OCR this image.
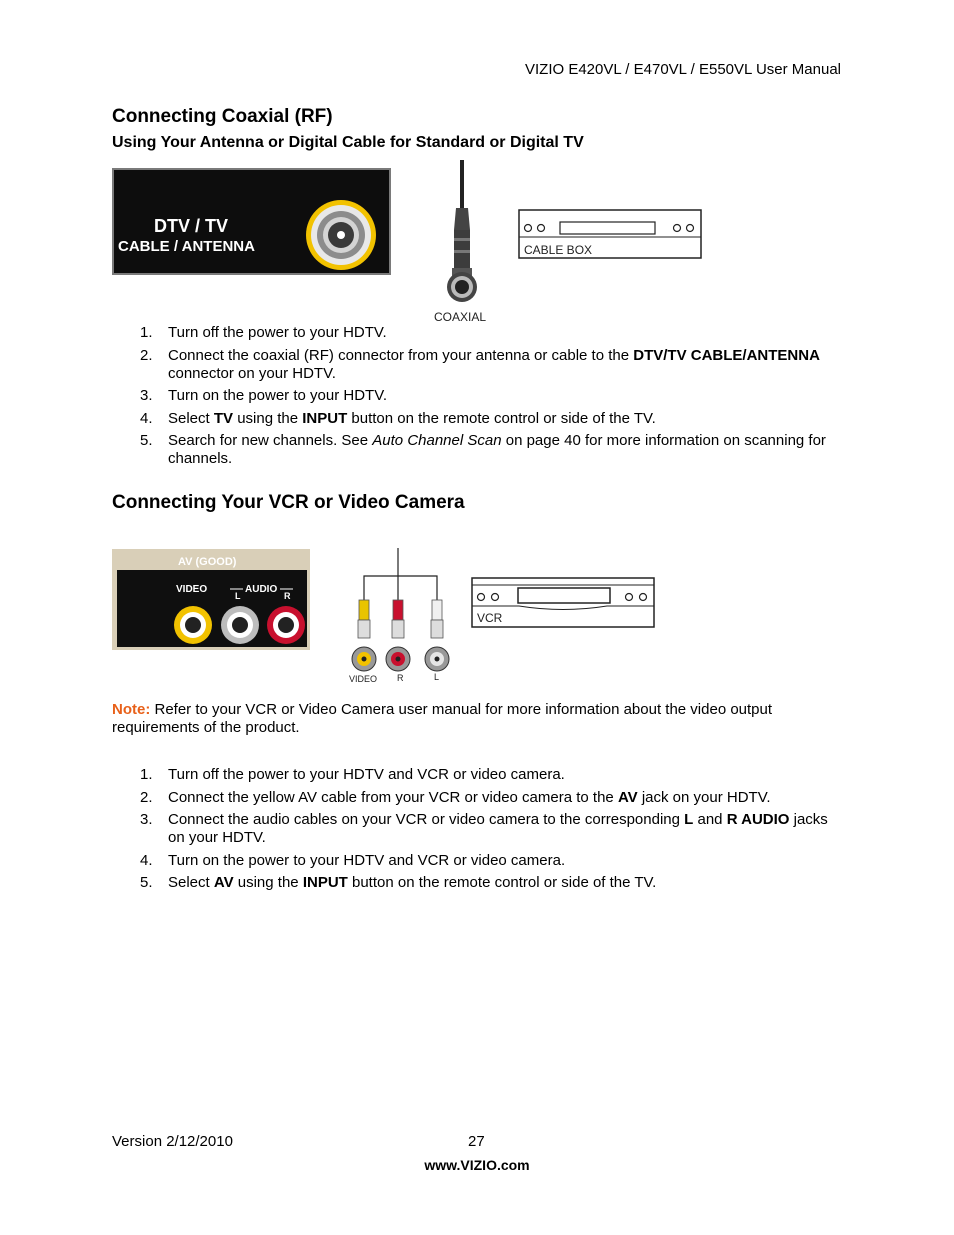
VIZIO E420VL / E470VL / E550VL User Manual
Connecting Coaxial (RF)
Using Your Antenna or Digital Cable for Standard or Digital TV
DTV / TV
CABLE / ANTENNA
COAXIAL
CABLE BOX
1. Turn off the power to your HDTV.
2. Connect the coaxial (RF) connector from your antenna or cable to the DTV/TV CABLE/ANTENNA connector on your HDTV.
3. Turn on the power to your HDTV.
4. Select TV using the INPUT button on the remote control or side of the TV.
5. Search for new channels. See Auto Channel Scan on page 40 for more information on scanning for channels.
Connecting Your VCR or Video Camera
AV (GOOD)
VIDEO	AUDIO
L	R
VIDEO R	L
VCR
Note: Refer to your VCR or Video Camera user manual for more information about the video output requirements of the product.
1. Turn off the power to your HDTV and VCR or video camera.
2. Connect the yellow AV cable from your VCR or video camera to the AV jack on your HDTV.
3. Connect the audio cables on your VCR or video camera to the corresponding L and R AUDIO jacks on your HDTV.
4. Turn on the power to your HDTV and VCR or video camera.
5. Select AV using the INPUT button on the remote control or side of the TV.
Version 2/12/2010	27
www.VIZIO.com
